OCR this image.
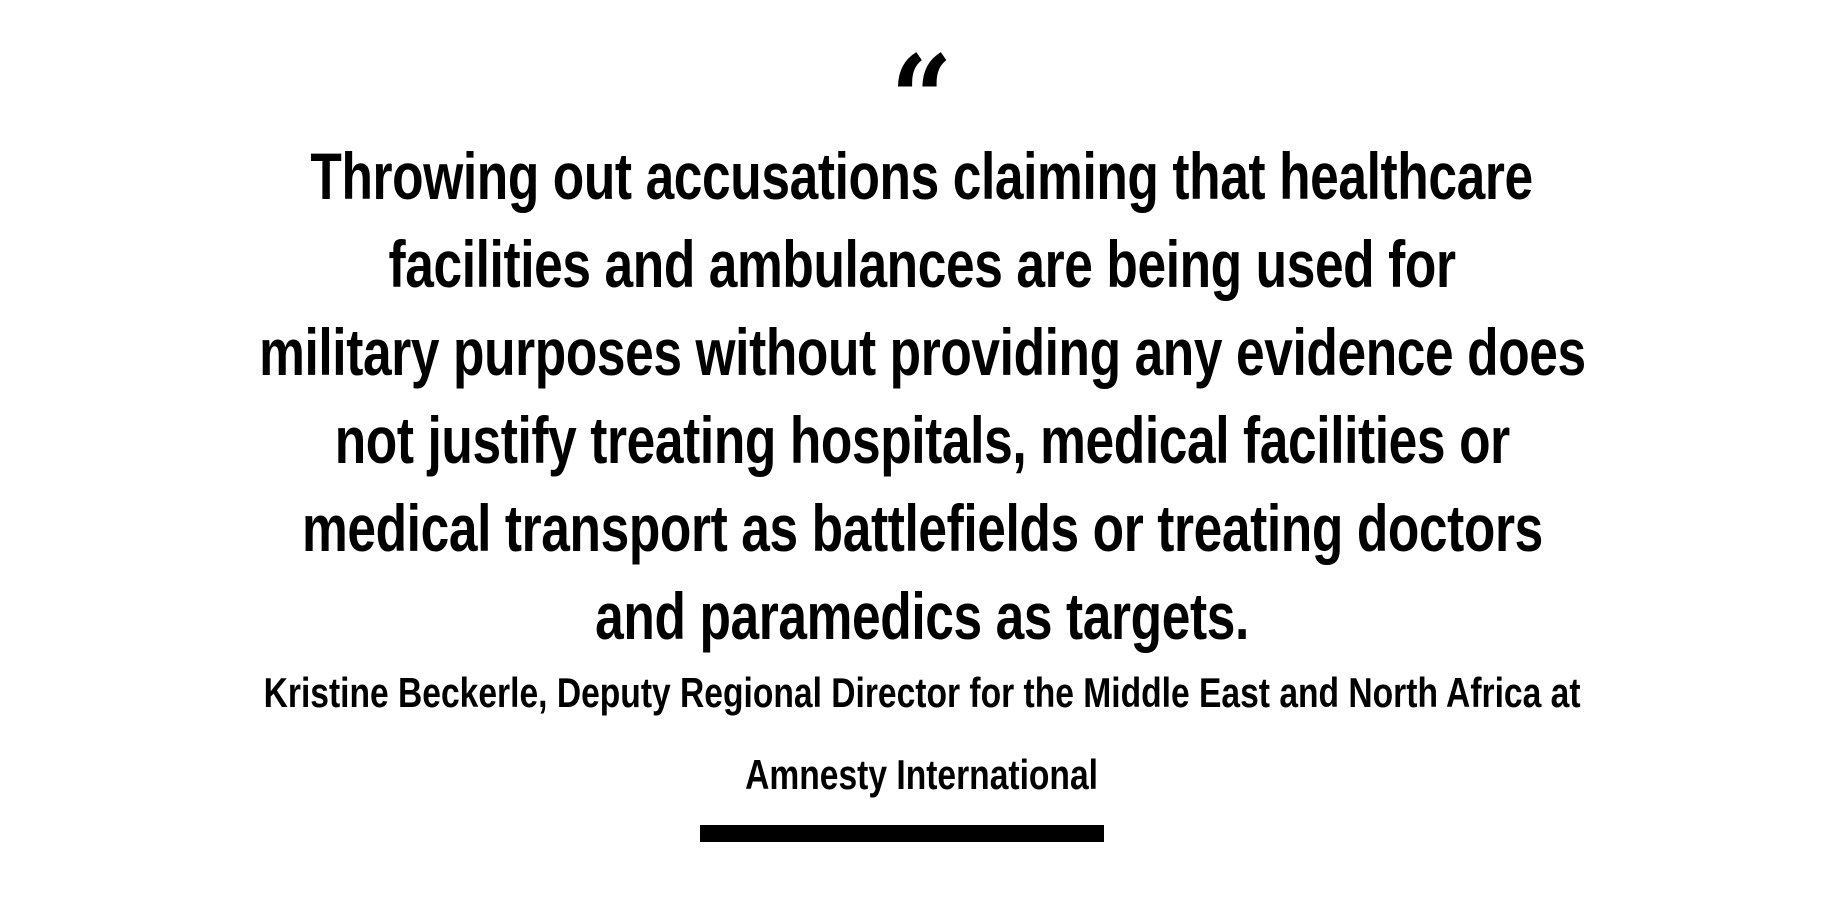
“
Throwing out accusations claiming that healthcare
facilities and ambulances are being used for
military purposes without providing any evidence does
not justify treating hospitals, medical facilities or
medical transport as battlefields or treating doctors
and paramedics as targets.
Kristine Beckerle, Deputy Regional Director for the Middle East and North Africa at
Amnesty International
